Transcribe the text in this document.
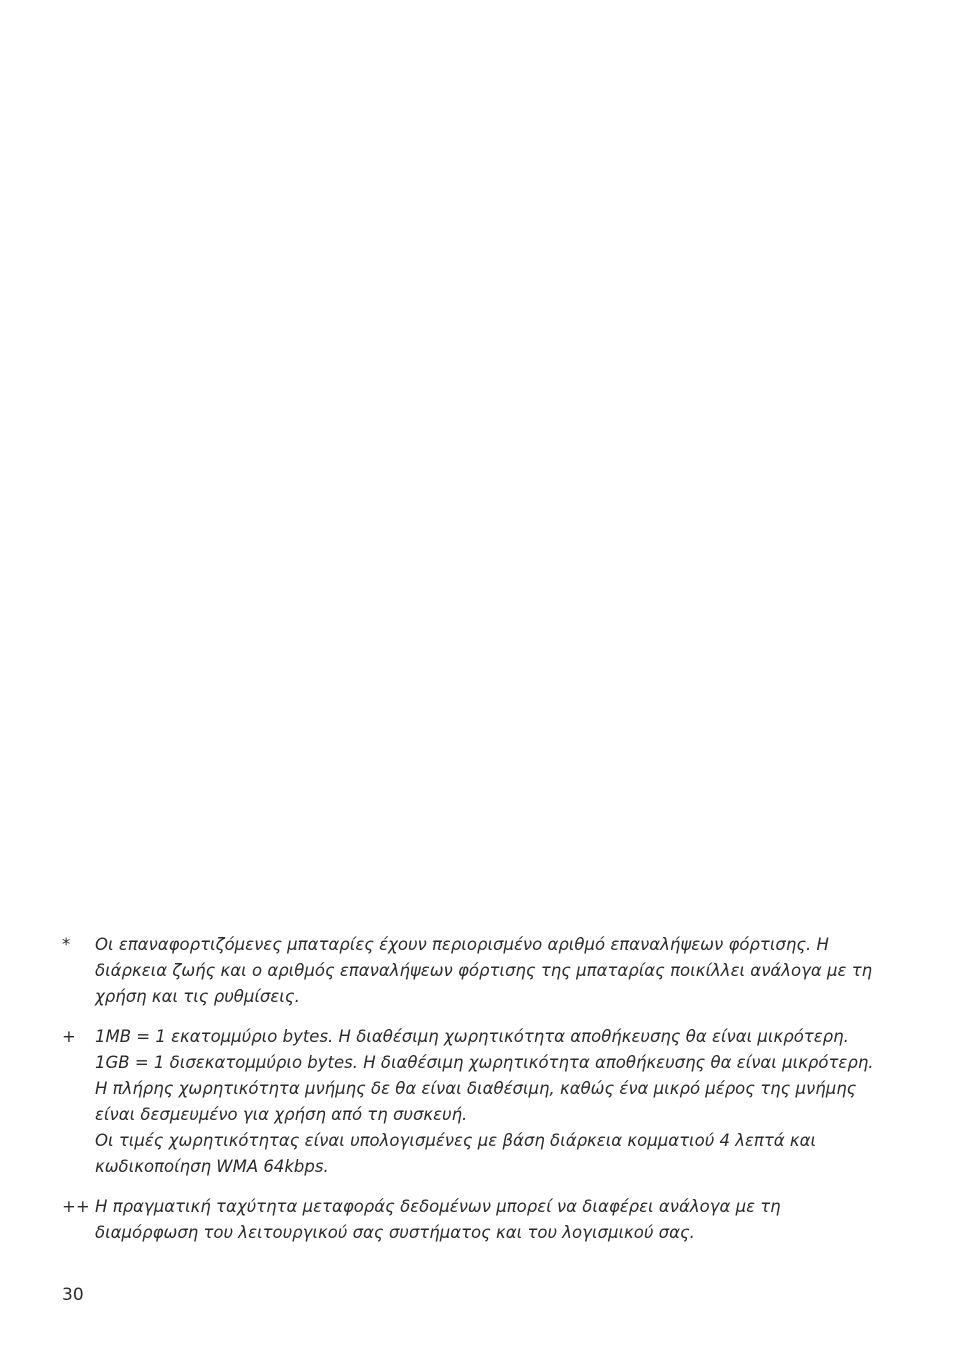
* Οι επαναφορτιζόμενες μπαταρίες έχουν περιορισμένο αριθμό επαναλήψεων φόρτισης. Η
διάρκεια ζωής και ο αριθμός επαναλήψεων φόρτισης της μπαταρίας ποικίλλει ανάλογα με τη
χρήση και τις ρυθμίσεις.
+ 1MB = 1 εκατομμύριο bytes. Η διαθέσιμη χωρητικότητα αποθήκευσης θα είναι μικρότερη.
1GB = 1 δισεκατομμύριο bytes. Η διαθέσιμη χωρητικότητα αποθήκευσης θα είναι μικρότερη.
Η πλήρης χωρητικότητα μνήμης δε θα είναι διαθέσιμη, καθώς ένα μικρό μέρος της μνήμης
είναι δεσμευμένο για χρήση από τη συσκευή.
Οι τιμές χωρητικότητας είναι υπολογισμένες με βάση διάρκεια κομματιού 4 λεπτά και
κωδικοποίηση WMA 64kbps.
++ Η πραγματική ταχύτητα μεταφοράς δεδομένων μπορεί να διαφέρει ανάλογα με τη
διαμόρφωση του λειτουργικού σας συστήματος και του λογισμικού σας.
30
